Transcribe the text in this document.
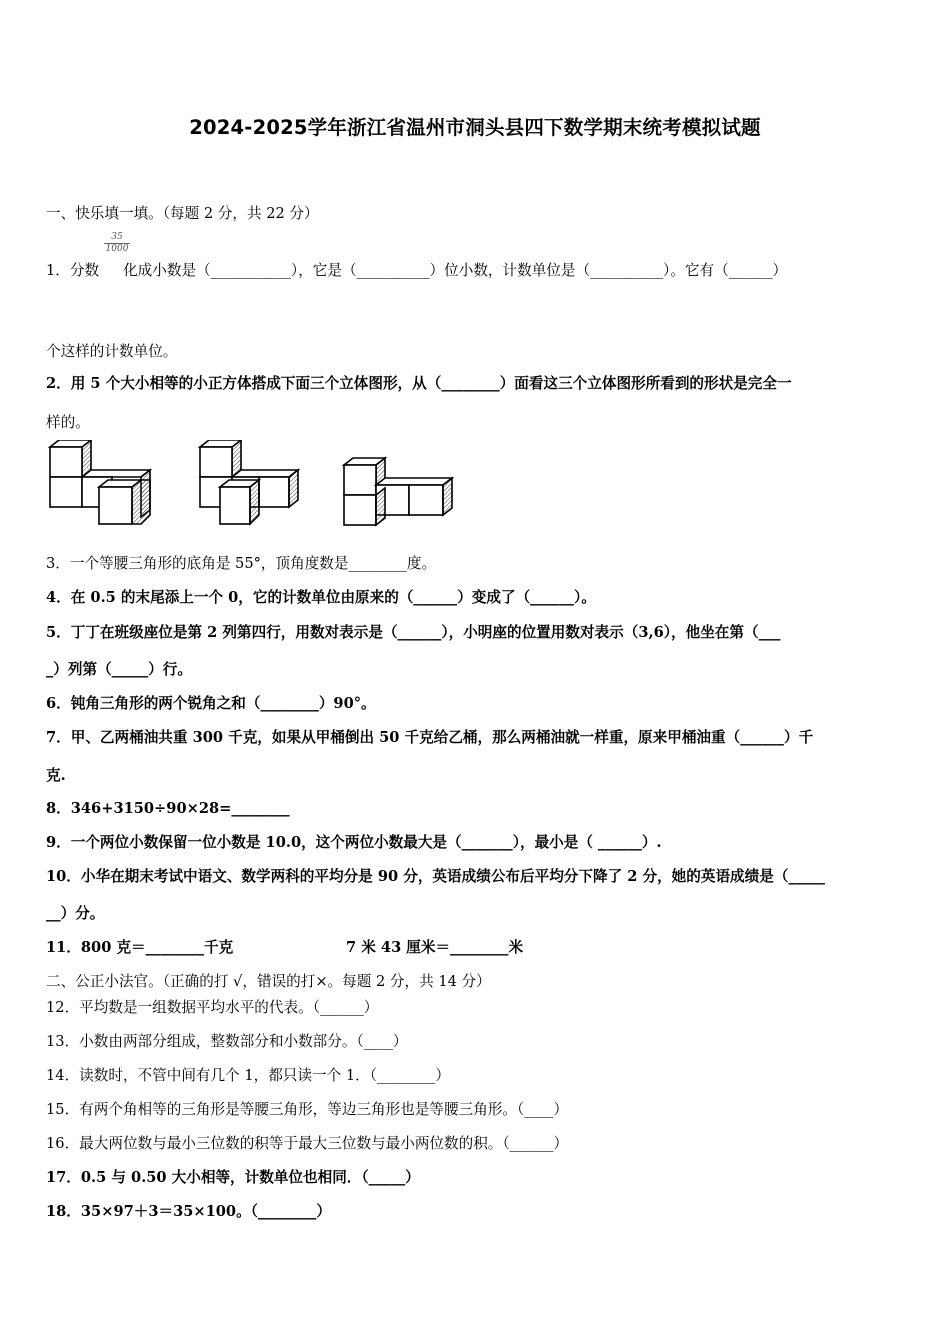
2024-2025学年浙江省温州市洞头县四下数学期末统考模拟试题
一、快乐填一填。（每题 2 分，共 22 分）
35
1000
1．分数 化成小数是（___________），它是（__________）位小数，计数单位是（__________）。它有（______）
个这样的计数单位。
2．用 5 个大小相等的小正方体搭成下面三个立体图形，从（________）面看这三个立体图形所看到的形状是完全一
样的。
3．一个等腰三角形的底角是 55°，顶角度数是________度。
4．在 0.5 的末尾添上一个 0，它的计数单位由原来的（______）变成了（______）。
5．丁丁在班级座位是第 2 列第四行，用数对表示是（______），小明座的位置用数对表示（3,6），他坐在第（___
_）列第（_____）行。
6．钝角三角形的两个锐角之和（________）90°。
7．甲、乙两桶油共重 300 千克，如果从甲桶倒出 50 千克给乙桶，那么两桶油就一样重，原来甲桶油重（______）千
克.
8．346+3150÷90×28=________
9．一个两位小数保留一位小数是 10.0，这个两位小数最大是（_______），最小是（ ______）.
10．小华在期末考试中语文、数学两科的平均分是 90 分，英语成绩公布后平均分下降了 2 分，她的英语成绩是（_____
__）分。
11．800 克＝________千克	7 米 43 厘米＝________米
二、公正小法官。（正确的打 √，错误的打×。每题 2 分，共 14 分）
12．平均数是一组数据平均水平的代表。（______）
13．小数由两部分组成，整数部分和小数部分。（____）
14．读数时，不管中间有几个 1，都只读一个 1．（________）
15．有两个角相等的三角形是等腰三角形，等边三角形也是等腰三角形。（____）
16．最大两位数与最小三位数的积等于最大三位数与最小两位数的积。（______）
17．0.5 与 0.50 大小相等，计数单位也相同．（_____）
18．35×97＋3＝35×100。（________）
